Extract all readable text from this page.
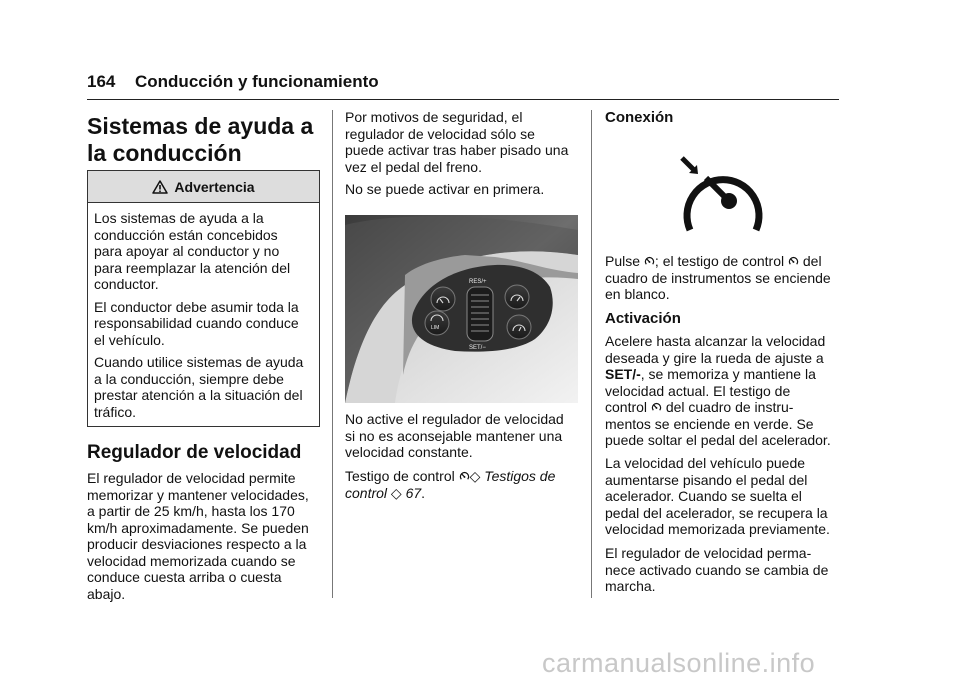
164 Conducción y funcionamiento
Sistemas de ayuda a
la conducción
Advertencia

Los sistemas de ayuda a la
conducción están concebidos
para apoyar al conductor y no
para reemplazar la atención del
conductor.

El conductor debe asumir toda la
responsabilidad cuando conduce
el vehículo.

Cuando utilice sistemas de ayuda
a la conducción, siempre debe
prestar atención a la situación del
tráfico.

Regulador de velocidad

El regulador de velocidad permite
memorizar y mantener velocidades,
a partir de 25 km/h, hasta los 170
km/h aproximadamente. Se pueden
producir desviaciones respecto a la
velocidad memorizada cuando se
conduce cuesta arriba o cuesta
abajo.

Por motivos de seguridad, el
regulador de velocidad sólo se
puede activar tras haber pisado una
vez el pedal del freno.

No se puede activar en primera.

RES/+
SET/−
LIM

No active el regulador de velocidad
si no es aconsejable mantener una
velocidad constante.

Testigo de control ◇ Testigos de
control ◇ 67.

Conexión

Pulse ; el testigo de control del
cuadro de instrumentos se enciende
en blanco.

Activación

Acelere hasta alcanzar la velocidad
deseada y gire la rueda de ajuste a
SET/-, se memoriza y mantiene la
velocidad actual. El testigo de
control del cuadro de instru-
mentos se enciende en verde. Se
puede soltar el pedal del acelerador.

La velocidad del vehículo puede
aumentarse pisando el pedal del
acelerador. Cuando se suelta el
pedal del acelerador, se recupera la
velocidad memorizada previamente.

El regulador de velocidad perma-
nece activado cuando se cambia de
marcha.

carmanualsonline.info
